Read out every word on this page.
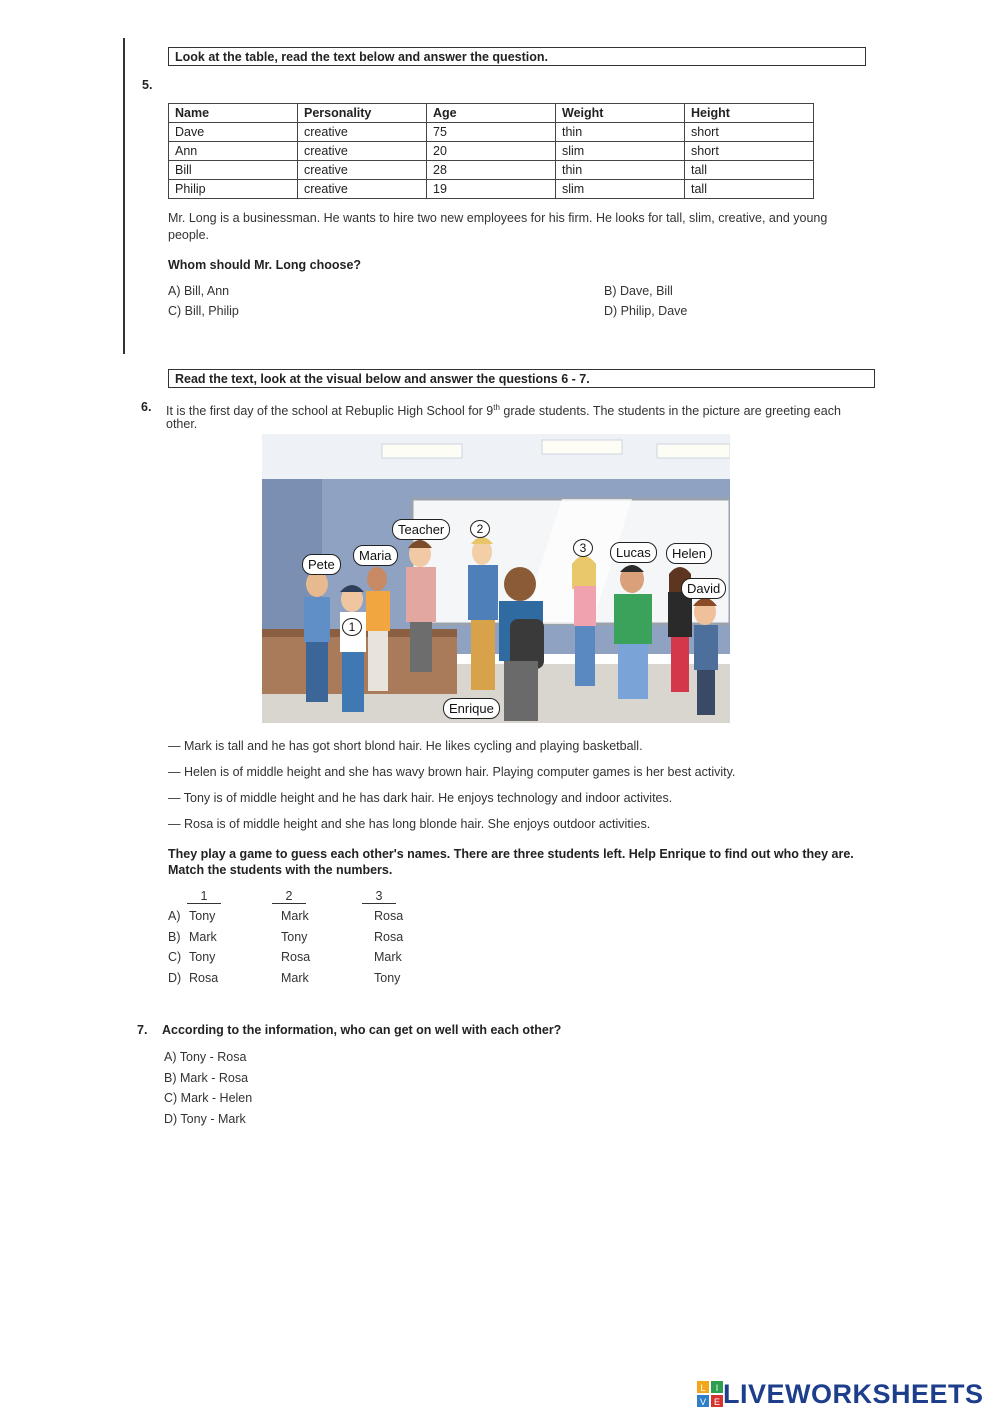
Look at the table, read the text below and answer the question.
5.
Name	Personality	Age	Weight	Height
Dave	creative	75	thin	short
Ann	creative	20	slim	short
Bill	creative	28	thin	tall
Philip	creative	19	slim	tall
Mr. Long is a businessman. He wants to hire two new employees for his firm. He looks for tall, slim, creative, and young
people.
Whom should Mr. Long choose?
A) Bill, Ann	B) Dave, Bill
C) Bill, Philip	D) Philip, Dave
Read the text, look at the visual below and answer the questions 6 - 7.
6. It is the first day of the school at Rebuplic High School for 9th grade students. The students in the picture are greeting each
other.
Teacher	2
Maria
Pete
3	Lucas	Helen
David
1
Enrique
— Mark is tall and he has got short blond hair. He likes cycling and playing basketball.
— Helen is of middle height and she has wavy brown hair. Playing computer games is her best activity.
— Tony is of middle height and he has dark hair. He enjoys technology and indoor activites.
— Rosa is of middle height and she has long blonde hair. She enjoys outdoor activities.
They play a game to guess each other's names. There are three students left. Help Enrique to find out who they are.
Match the students with the numbers.
1	2	3
A) Tony	Mark	Rosa
B) Mark	Tony	Rosa
C) Tony	Rosa	Mark
D) Rosa	Mark	Tony
7. According to the information, who can get on well with each other?
A) Tony - Rosa
B) Mark - Rosa
C) Mark - Helen
D) Tony - Mark
L I
V E LIVEWORKSHEETS
